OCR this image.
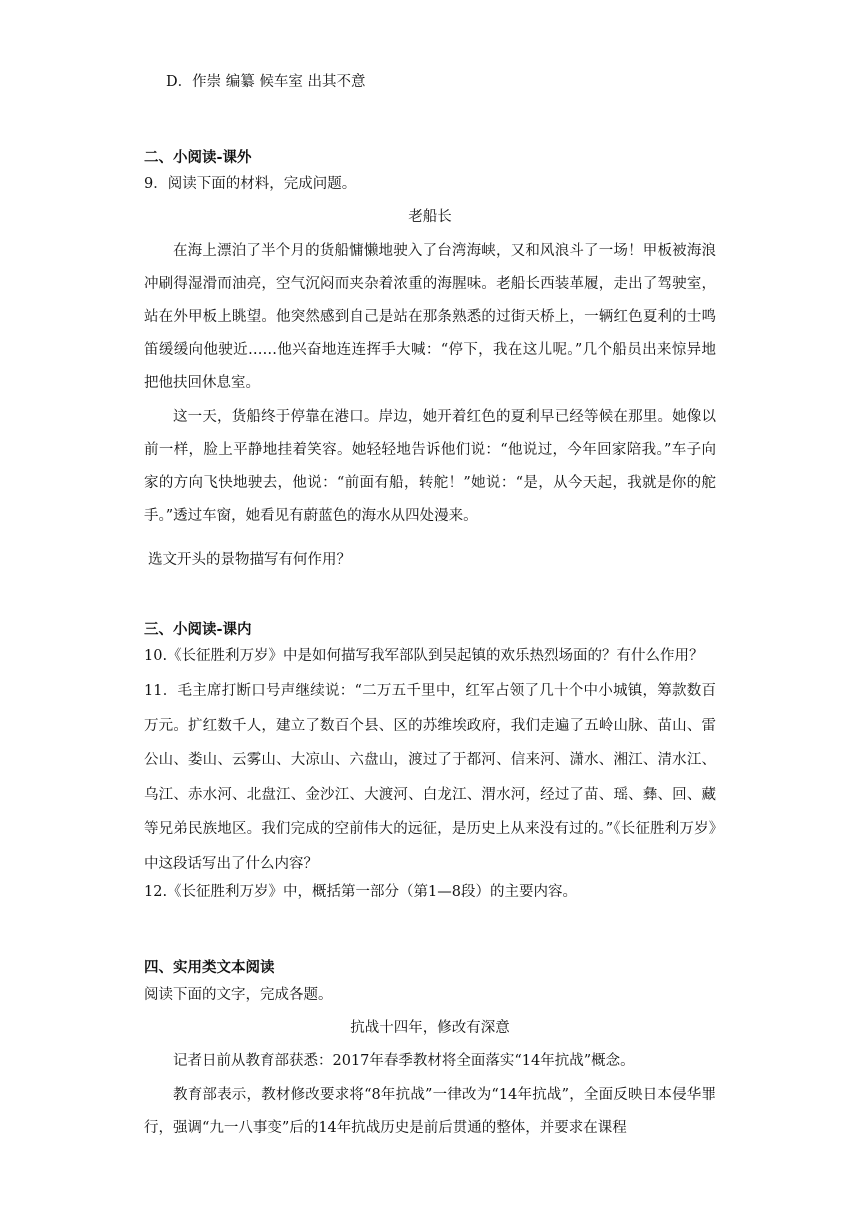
D．作崇 编纂 候车室 出其不意
二、小阅读-课外
9．阅读下面的材料，完成问题。
老船长
在海上漂泊了半个月的货船慵懒地驶入了台湾海峡，又和风浪斗了一场！甲板被海浪冲刷得湿滑而油亮，空气沉闷而夹杂着浓重的海腥味。老船长西装革履，走出了驾驶室，站在外甲板上眺望。他突然感到自己是站在那条熟悉的过街天桥上，一辆红色夏利的士鸣笛缓缓向他驶近……他兴奋地连连挥手大喊：“停下，我在这儿呢。”几个船员出来惊异地把他扶回休息室。
这一天，货船终于停靠在港口。岸边，她开着红色的夏利早已经等候在那里。她像以前一样，脸上平静地挂着笑容。她轻轻地告诉他们说：“他说过，今年回家陪我。”车子向家的方向飞快地驶去，他说：“前面有船，转舵！”她说：“是，从今天起，我就是你的舵手。”透过车窗，她看见有蔚蓝色的海水从四处漫来。
选文开头的景物描写有何作用？
三、小阅读-课内
10.《长征胜利万岁》中是如何描写我军部队到吴起镇的欢乐热烈场面的？有什么作用？
11．毛主席打断口号声继续说：“二万五千里中，红军占领了几十个中小城镇，筹款数百万元。扩红数千人，建立了数百个县、区的苏维埃政府，我们走遍了五岭山脉、苗山、雷公山、娄山、云雾山、大凉山、六盘山，渡过了于都河、信来河、潇水、湘江、清水江、乌江、赤水河、北盘江、金沙江、大渡河、白龙江、渭水河，经过了苗、瑶、彝、回、藏等兄弟民族地区。我们完成的空前伟大的远征，是历史上从来没有过的。”《长征胜利万岁》中这段话写出了什么内容？
12.《长征胜利万岁》中，概括第一部分（第1—8段）的主要内容。
四、实用类文本阅读
阅读下面的文字，完成各题。
抗战十四年，修改有深意
记者日前从教育部获悉：2017年春季教材将全面落实“14年抗战”概念。
教育部表示，教材修改要求将“8年抗战”一律改为“14年抗战”，全面反映日本侵华罪行，强调“九一八事变”后的14年抗战历史是前后贯通的整体，并要求在课程
